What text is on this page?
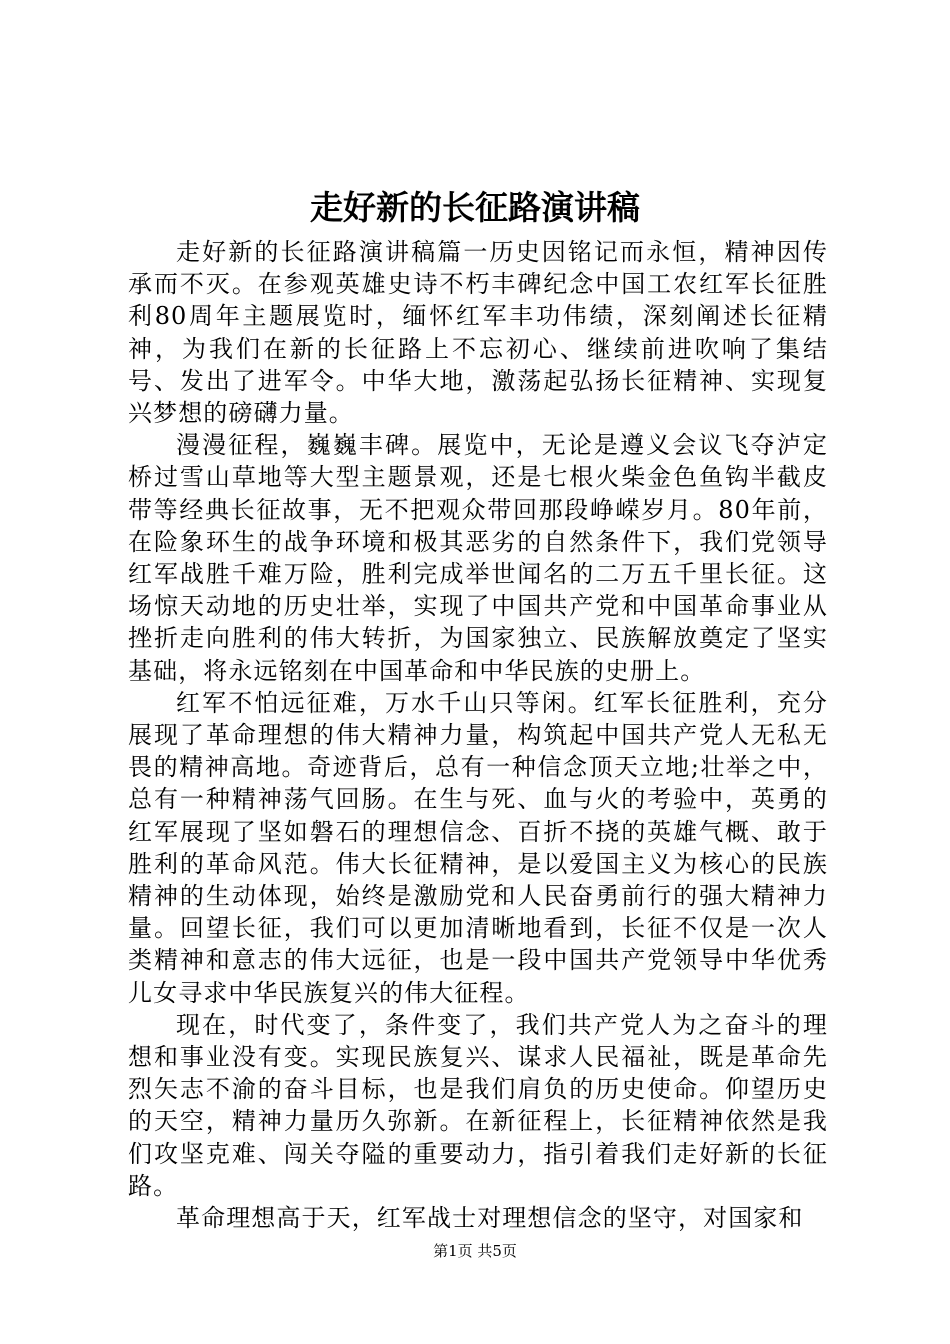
走好新的长征路演讲稿

走好新的长征路演讲稿篇一历史因铭记而永恒，精神因传承而不灭。在参观英雄史诗不朽丰碑纪念中国工农红军长征胜利80周年主题展览时，缅怀红军丰功伟绩，深刻阐述长征精神，为我们在新的长征路上不忘初心、继续前进吹响了集结号、发出了进军令。中华大地，激荡起弘扬长征精神、实现复兴梦想的磅礴力量。

漫漫征程，巍巍丰碑。展览中，无论是遵义会议飞夺泸定桥过雪山草地等大型主题景观，还是七根火柴金色鱼钩半截皮带等经典长征故事，无不把观众带回那段峥嵘岁月。80年前，在险象环生的战争环境和极其恶劣的自然条件下，我们党领导红军战胜千难万险，胜利完成举世闻名的二万五千里长征。这场惊天动地的历史壮举，实现了中国共产党和中国革命事业从挫折走向胜利的伟大转折，为国家独立、民族解放奠定了坚实基础，将永远铭刻在中国革命和中华民族的史册上。

红军不怕远征难，万水千山只等闲。红军长征胜利，充分展现了革命理想的伟大精神力量，构筑起中国共产党人无私无畏的精神高地。奇迹背后，总有一种信念顶天立地;壮举之中，总有一种精神荡气回肠。在生与死、血与火的考验中，英勇的红军展现了坚如磐石的理想信念、百折不挠的英雄气概、敢于胜利的革命风范。伟大长征精神，是以爱国主义为核心的民族精神的生动体现，始终是激励党和人民奋勇前行的强大精神力量。回望长征，我们可以更加清晰地看到，长征不仅是一次人类精神和意志的伟大远征，也是一段中国共产党领导中华优秀儿女寻求中华民族复兴的伟大征程。

现在，时代变了，条件变了，我们共产党人为之奋斗的理想和事业没有变。实现民族复兴、谋求人民福祉，既是革命先烈矢志不渝的奋斗目标，也是我们肩负的历史使命。仰望历史的天空，精神力量历久弥新。在新征程上，长征精神依然是我们攻坚克难、闯关夺隘的重要动力，指引着我们走好新的长征路。

革命理想高于天，红军战士对理想信念的坚守，对国家和

第1页 共5页
